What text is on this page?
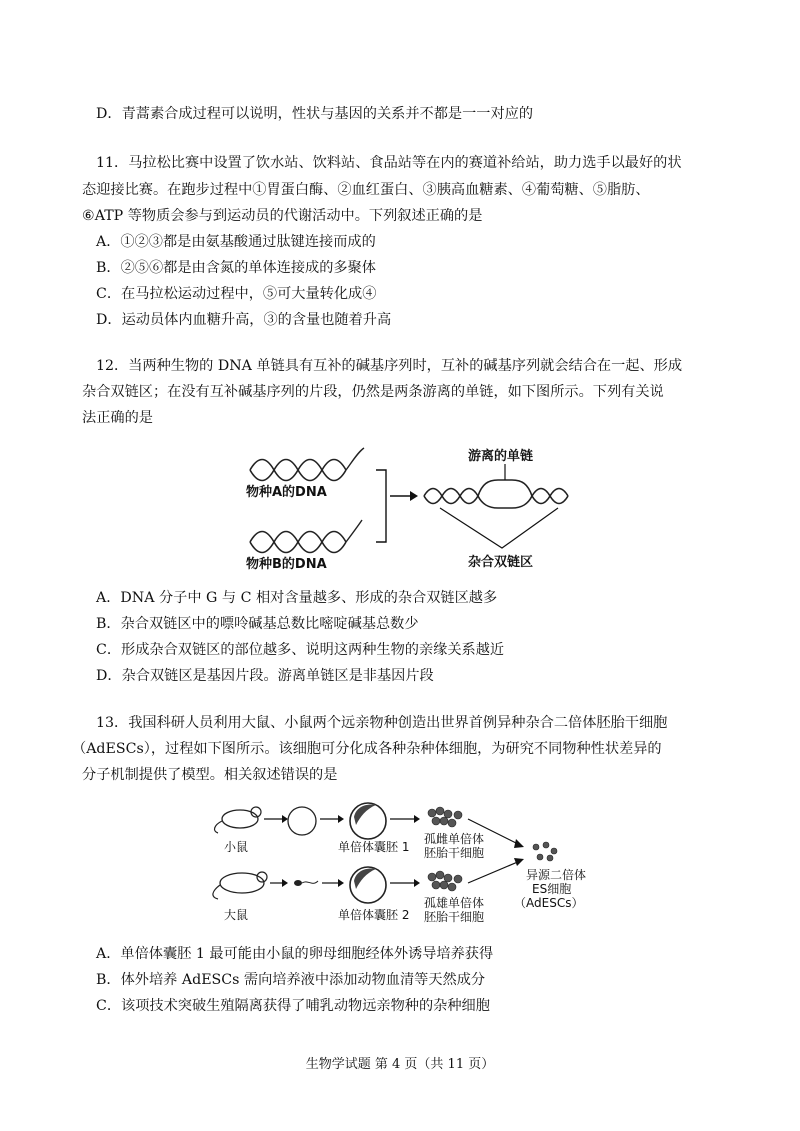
D．青蒿素合成过程可以说明，性状与基因的关系并不都是一一对应的
11．马拉松比赛中设置了饮水站、饮料站、食品站等在内的赛道补给站，助力选手以最好的状
态迎接比赛。在跑步过程中①胃蛋白酶、②血红蛋白、③胰高血糖素、④葡萄糖、⑤脂肪、
⑥ATP 等物质会参与到运动员的代谢活动中。下列叙述正确的是
A．①②③都是由氨基酸通过肽键连接而成的
B．②⑤⑥都是由含氮的单体连接成的多聚体
C．在马拉松运动过程中，⑤可大量转化成④
D．运动员体内血糖升高，③的含量也随着升高
12．当两种生物的 DNA 单链具有互补的碱基序列时，互补的碱基序列就会结合在一起、形成
杂合双链区；在没有互补碱基序列的片段，仍然是两条游离的单链，如下图所示。下列有关说
法正确的是
物种A的DNA
物种B的DNA
游离的单链
杂合双链区
A．DNA 分子中 G 与 C 相对含量越多、形成的杂合双链区越多
B．杂合双链区中的嘌呤碱基总数比嘧啶碱基总数少
C．形成杂合双链区的部位越多、说明这两种生物的亲缘关系越近
D．杂合双链区是基因片段。游离单链区是非基因片段
13．我国科研人员利用大鼠、小鼠两个远亲物种创造出世界首例异种杂合二倍体胚胎干细胞
（AdESCs），过程如下图所示。该细胞可分化成各种杂种体细胞，为研究不同物种性状差异的
分子机制提供了模型。相关叙述错误的是
小鼠	单倍体囊胚 1
孤雌单倍体
胚胎干细胞
大鼠	单倍体囊胚 2
孤雄单倍体
胚胎干细胞
异源二倍体
ES细胞
（AdESCs）
A．单倍体囊胚 1 最可能由小鼠的卵母细胞经体外诱导培养获得
B．体外培养 AdESCs 需向培养液中添加动物血清等天然成分
C．该项技术突破生殖隔离获得了哺乳动物远亲物种的杂种细胞
生物学试题 第 4 页（共 11 页）
